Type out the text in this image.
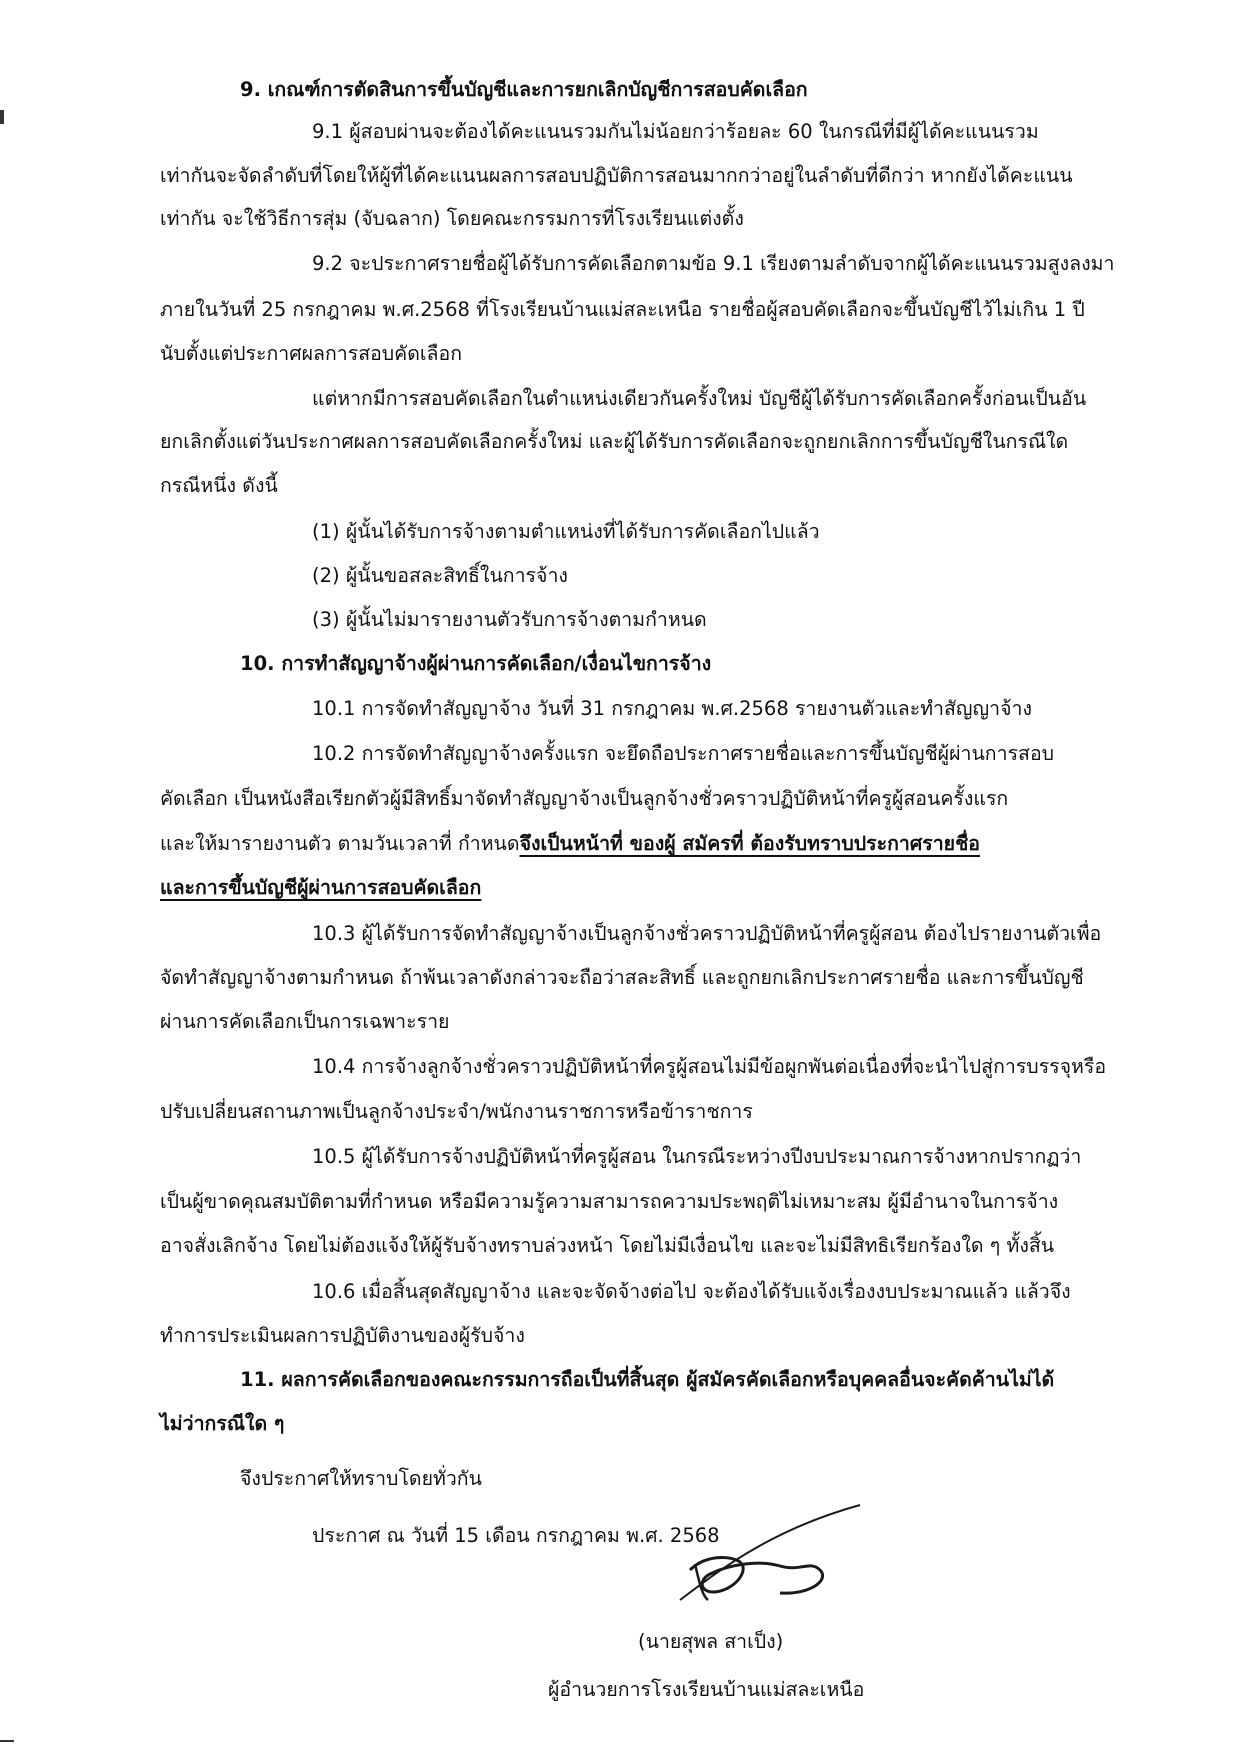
9. เกณฑ์การตัดสินการขึ้นบัญชีและการยกเลิกบัญชีการสอบคัดเลือก
9.1 ผู้สอบผ่านจะต้องได้คะแนนรวมกันไม่น้อยกว่าร้อยละ 60 ในกรณีที่มีผู้ได้คะแนนรวม
เท่ากันจะจัดลำดับที่โดยให้ผู้ที่ได้คะแนนผลการสอบปฏิบัติการสอนมากกว่าอยู่ในลำดับที่ดีกว่า หากยังได้คะแนน
เท่ากัน จะใช้วิธีการสุ่ม (จับฉลาก) โดยคณะกรรมการที่โรงเรียนแต่งตั้ง
9.2 จะประกาศรายชื่อผู้ได้รับการคัดเลือกตามข้อ 9.1 เรียงตามลำดับจากผู้ได้คะแนนรวมสูงลงมา
ภายในวันที่ 25 กรกฎาคม พ.ศ.2568 ที่โรงเรียนบ้านแม่สละเหนือ รายชื่อผู้สอบคัดเลือกจะขึ้นบัญชีไว้ไม่เกิน 1 ปี
นับตั้งแต่ประกาศผลการสอบคัดเลือก
แต่หากมีการสอบคัดเลือกในตำแหน่งเดียวกันครั้งใหม่ บัญชีผู้ได้รับการคัดเลือกครั้งก่อนเป็นอัน
ยกเลิกตั้งแต่วันประกาศผลการสอบคัดเลือกครั้งใหม่ และผู้ได้รับการคัดเลือกจะถูกยกเลิกการขึ้นบัญชีในกรณีใด
กรณีหนึ่ง ดังนี้
(1) ผู้นั้นได้รับการจ้างตามตำแหน่งที่ได้รับการคัดเลือกไปแล้ว
(2) ผู้นั้นขอสละสิทธิ์ในการจ้าง
(3) ผู้นั้นไม่มารายงานตัวรับการจ้างตามกำหนด
10. การทำสัญญาจ้างผู้ผ่านการคัดเลือก/เงื่อนไขการจ้าง
10.1 การจัดทำสัญญาจ้าง วันที่ 31 กรกฎาคม พ.ศ.2568 รายงานตัวและทำสัญญาจ้าง
10.2 การจัดทำสัญญาจ้างครั้งแรก จะยึดถือประกาศรายชื่อและการขึ้นบัญชีผู้ผ่านการสอบ
คัดเลือก เป็นหนังสือเรียกตัวผู้มีสิทธิ์มาจัดทำสัญญาจ้างเป็นลูกจ้างชั่วคราวปฏิบัติหน้าที่ครูผู้สอนครั้งแรก
และให้มารายงานตัว ตามวันเวลาที่ กำหนดจึงเป็นหน้าที่ ของผู้ สมัครที่ ต้องรับทราบประกาศรายชื่อ
และการขึ้นบัญชีผู้ผ่านการสอบคัดเลือก
10.3 ผู้ได้รับการจัดทำสัญญาจ้างเป็นลูกจ้างชั่วคราวปฏิบัติหน้าที่ครูผู้สอน ต้องไปรายงานตัวเพื่อ
จัดทำสัญญาจ้างตามกำหนด ถ้าพ้นเวลาดังกล่าวจะถือว่าสละสิทธิ์ และถูกยกเลิกประกาศรายชื่อ และการขึ้นบัญชี
ผ่านการคัดเลือกเป็นการเฉพาะราย
10.4 การจ้างลูกจ้างชั่วคราวปฏิบัติหน้าที่ครูผู้สอนไม่มีข้อผูกพันต่อเนื่องที่จะนำไปสู่การบรรจุหรือ
ปรับเปลี่ยนสถานภาพเป็นลูกจ้างประจำ/พนักงานราชการหรือข้าราชการ
10.5 ผู้ได้รับการจ้างปฏิบัติหน้าที่ครูผู้สอน ในกรณีระหว่างปีงบประมาณการจ้างหากปรากฏว่า
เป็นผู้ขาดคุณสมบัติตามที่กำหนด หรือมีความรู้ความสามารถความประพฤติไม่เหมาะสม ผู้มีอำนาจในการจ้าง
อาจสั่งเลิกจ้าง โดยไม่ต้องแจ้งให้ผู้รับจ้างทราบล่วงหน้า โดยไม่มีเงื่อนไข และจะไม่มีสิทธิเรียกร้องใด ๆ ทั้งสิ้น
10.6 เมื่อสิ้นสุดสัญญาจ้าง และจะจัดจ้างต่อไป จะต้องได้รับแจ้งเรื่องงบประมาณแล้ว แล้วจึง
ทำการประเมินผลการปฏิบัติงานของผู้รับจ้าง
11. ผลการคัดเลือกของคณะกรรมการถือเป็นที่สิ้นสุด ผู้สมัครคัดเลือกหรือบุคคลอื่นจะคัดค้านไม่ได้
ไม่ว่ากรณีใด ๆ
จึงประกาศให้ทราบโดยทั่วกัน
ประกาศ ณ วันที่ 15 เดือน กรกฎาคม พ.ศ. 2568
(นายสุพล สาเป็ง)
ผู้อำนวยการโรงเรียนบ้านแม่สละเหนือ
